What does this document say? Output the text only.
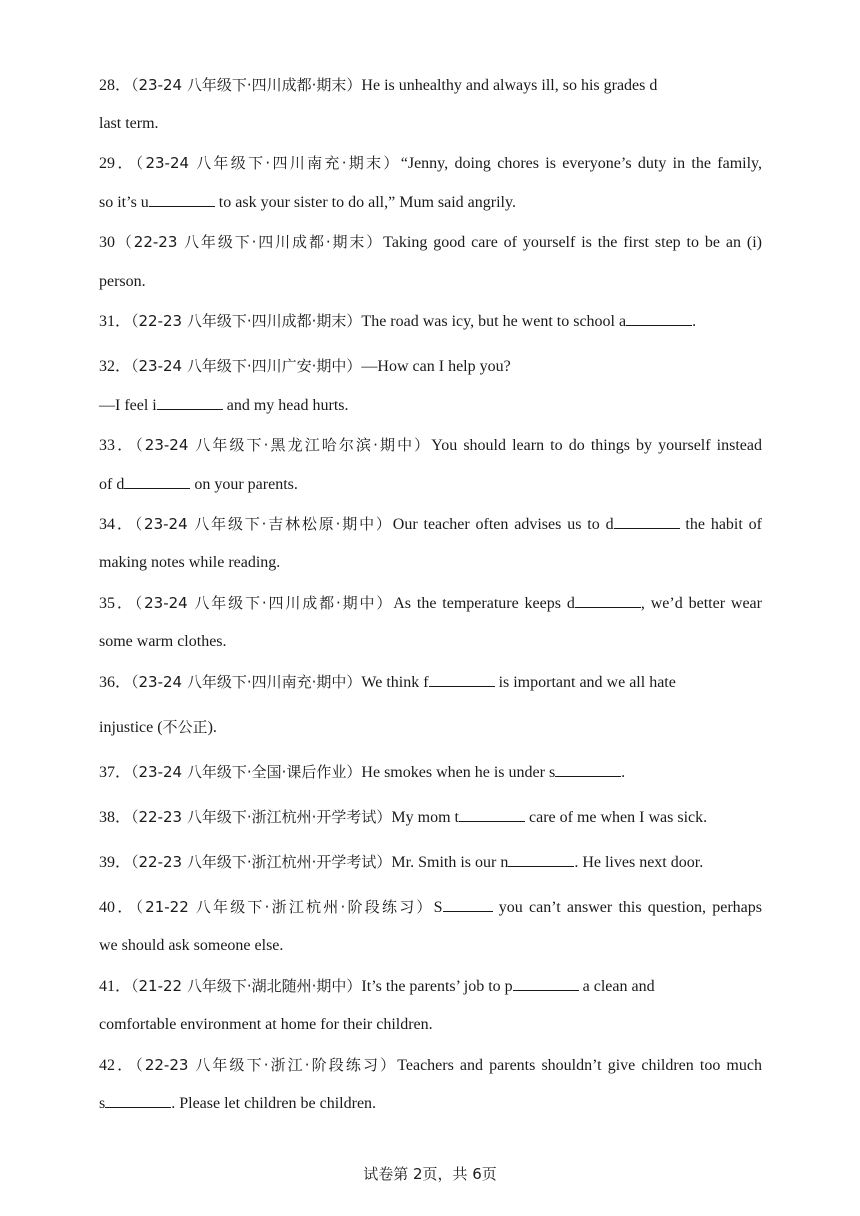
28．（23-24 八年级下·四川成都·期末）He is unhealthy and always ill, so his grades d
last term.
29．（23-24 八年级下·四川南充·期末）“Jenny, doing chores is everyone’s duty in the family,
so it’s u	to ask your sister to do all,” Mum said angrily.
30（22-23 八年级下·四川成都·期末）Taking good care of yourself is the first step to be an (i)
person.
31．（22-23 八年级下·四川成都·期末）The road was icy, but he went to school a	.
32．（23-24 八年级下·四川广安·期中）—How can I help you?
—I feel i	and my head hurts.
33．（23-24 八年级下·黑龙江哈尔滨·期中）You should learn to do things by yourself instead
of d	on your parents.
34．（23-24 八年级下·吉林松原·期中）Our teacher often advises us to d	the habit of
making notes while reading.
35．（23-24 八年级下·四川成都·期中）As the temperature keeps d	, we’d better wear
some warm clothes.
36．（23-24 八年级下·四川南充·期中）We think f	is important and we all hate
injustice (不公正).
37．（23-24 八年级下·全国·课后作业）He smokes when he is under s	.
38．（22-23 八年级下·浙江杭州·开学考试）My mom t	care of me when I was sick.
39．（22-23 八年级下·浙江杭州·开学考试）Mr. Smith is our n	. He lives next door.
40．（21-22 八年级下·浙江杭州·阶段练习）S	you can’t answer this question, perhaps
we should ask someone else.
41．（21-22 八年级下·湖北随州·期中）It’s the parents’ job to p	a clean and
comfortable environment at home for their children.
42．（22-23 八年级下·浙江·阶段练习）Teachers and parents shouldn’t give children too much
s	. Please let children be children.
试卷第 2页，共 6页
